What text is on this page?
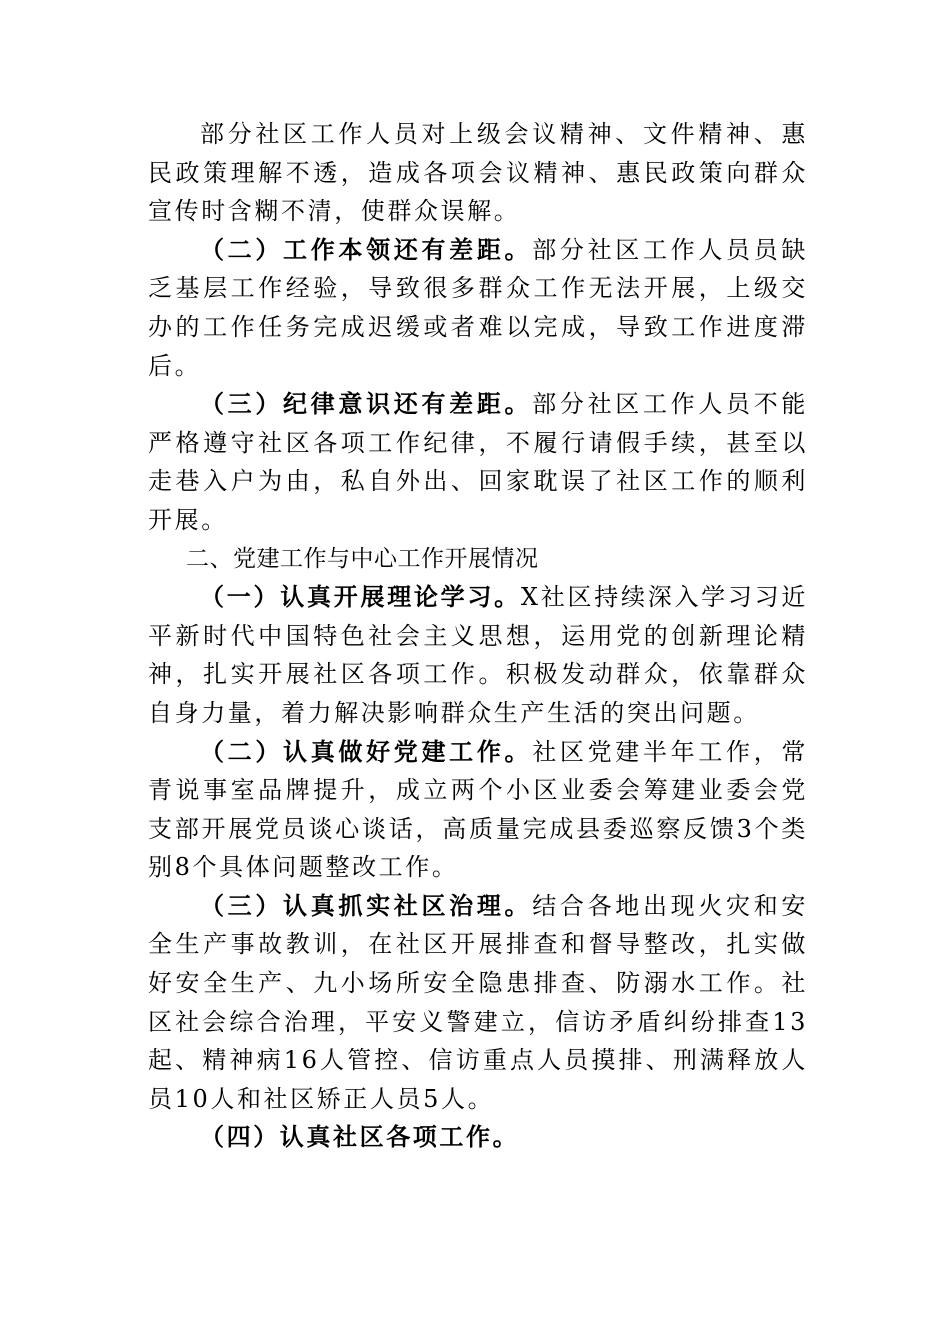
部分社区工作人员对上级会议精神、文件精神、惠民政策理解不透，造成各项会议精神、惠民政策向群众宣传时含糊不清，使群众误解。

（二）工作本领还有差距。部分社区工作人员员缺乏基层工作经验，导致很多群众工作无法开展，上级交办的工作任务完成迟缓或者难以完成，导致工作进度滞后。

（三）纪律意识还有差距。部分社区工作人员不能严格遵守社区各项工作纪律，不履行请假手续，甚至以走巷入户为由，私自外出、回家耽误了社区工作的顺利开展。

二、党建工作与中心工作开展情况

（一）认真开展理论学习。X社区持续深入学习习近平新时代中国特色社会主义思想，运用党的创新理论精神，扎实开展社区各项工作。积极发动群众，依靠群众自身力量，着力解决影响群众生产生活的突出问题。

（二）认真做好党建工作。社区党建半年工作，常青说事室品牌提升，成立两个小区业委会筹建业委会党支部开展党员谈心谈话，高质量完成县委巡察反馈3个类别8个具体问题整改工作。

（三）认真抓实社区治理。结合各地出现火灾和安全生产事故教训，在社区开展排查和督导整改，扎实做好安全生产、九小场所安全隐患排查、防溺水工作。社区社会综合治理，平安义警建立，信访矛盾纠纷排查13起、精神病16人管控、信访重点人员摸排、刑满释放人员10人和社区矫正人员5人。

（四）认真社区各项工作。
